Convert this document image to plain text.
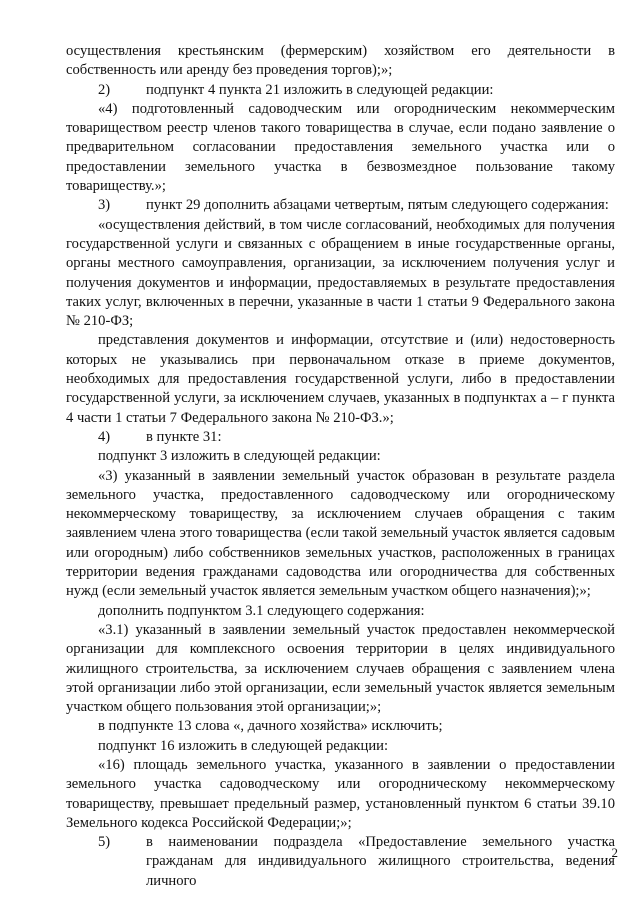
осуществления крестьянским (фермерским) хозяйством его деятельности в собственность или аренду без проведения торгов);»;

2)	подпункт 4 пункта 21 изложить в следующей редакции:

«4) подготовленный садоводческим или огородническим некоммерческим товариществом реестр членов такого товарищества в случае, если подано заявление о предварительном согласовании предоставления земельного участка или о предоставлении земельного участка в безвозмездное пользование такому товариществу.»;

3)	пункт 29 дополнить абзацами четвертым, пятым следующего содержания:

«осуществления действий, в том числе согласований, необходимых для получения государственной услуги и связанных с обращением в иные государственные органы, органы местного самоуправления, организации, за исключением получения услуг и получения документов и информации, предоставляемых в результате предоставления таких услуг, включенных в перечни, указанные в части 1 статьи 9 Федерального закона № 210-ФЗ;

представления документов и информации, отсутствие и (или) недостоверность которых не указывались при первоначальном отказе в приеме документов, необходимых для предоставления государственной услуги, либо в предоставлении государственной услуги, за исключением случаев, указанных в подпунктах а – г пункта 4 части 1 статьи 7 Федерального закона № 210-ФЗ.»;

4)	в пункте 31:

подпункт 3 изложить в следующей редакции:

«3) указанный в заявлении земельный участок образован в результате раздела земельного участка, предоставленного садоводческому или огородническому некоммерческому товариществу, за исключением случаев обращения с таким заявлением члена этого товарищества (если такой земельный участок является садовым или огородным) либо собственников земельных участков, расположенных в границах территории ведения гражданами садоводства или огородничества для собственных нужд (если земельный участок является земельным участком общего назначения);»;

дополнить подпунктом 3.1 следующего содержания:

«3.1) указанный в заявлении земельный участок предоставлен некоммерческой организации для комплексного освоения территории в целях индивидуального жилищного строительства, за исключением случаев обращения с заявлением члена этой организации либо этой организации, если земельный участок является земельным участком общего пользования этой организации;»;

в подпункте 13 слова «, дачного хозяйства» исключить;

подпункт 16 изложить в следующей редакции:

«16) площадь земельного участка, указанного в заявлении о предоставлении земельного участка садоводческому или огородническому некоммерческому товариществу, превышает предельный размер, установленный пунктом 6 статьи 39.10 Земельного кодекса Российской Федерации;»;

5)	в наименовании подраздела «Предоставление земельного участка гражданам для индивидуального жилищного строительства, ведения личного
2
